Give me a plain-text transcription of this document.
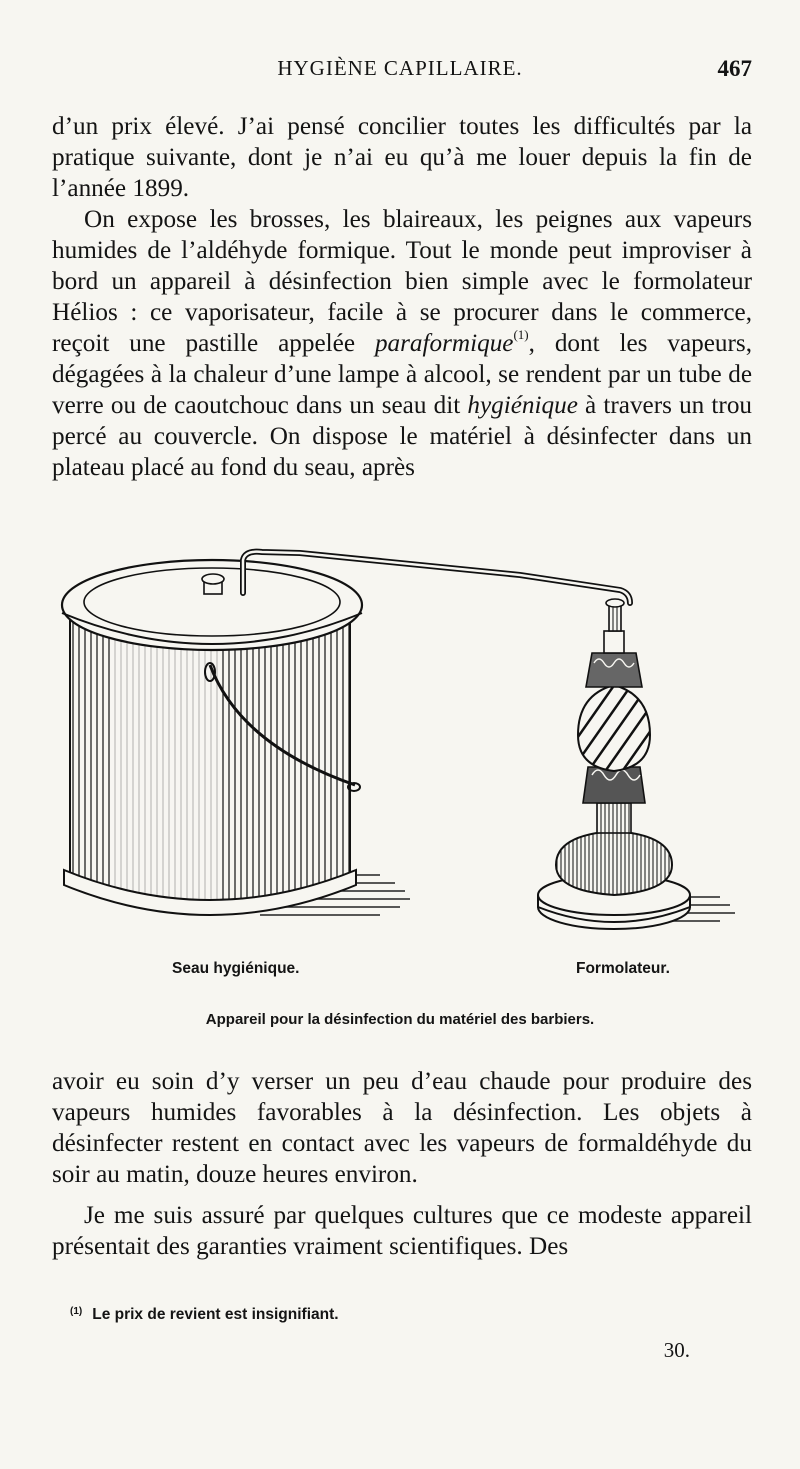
HYGIÈNE CAPILLAIRE.	467

d’un prix élevé. J’ai pensé concilier toutes les difficultés par la pratique suivante, dont je n’ai eu qu’à me louer depuis la fin de l’année 1899.

On expose les brosses, les blaireaux, les peignes aux vapeurs humides de l’aldéhyde formique. Tout le monde peut improviser à bord un appareil à désinfection bien simple avec le formolateur Hélios : ce vaporisateur, facile à se procurer dans le commerce, reçoit une pastille appelée paraformique$^{(1)}$, dont les vapeurs, dégagées à la chaleur d’une lampe à alcool, se rendent par un tube de verre ou de caoutchouc dans un seau dit hygiénique à travers un trou percé au couvercle. On dispose le matériel à désinfecter dans un plateau placé au fond du seau, après

Seau hygiénique.	Formolateur.
Appareil pour la désinfection du matériel des barbiers.

avoir eu soin d’y verser un peu d’eau chaude pour produire des vapeurs humides favorables à la désinfection. Les objets à désinfecter restent en contact avec les vapeurs de formaldéhyde du soir au matin, douze heures environ.

Je me suis assuré par quelques cultures que ce modeste appareil présentait des garanties vraiment scientifiques. Des

$^{(1)}$ Le prix de revient est insignifiant.
30.
